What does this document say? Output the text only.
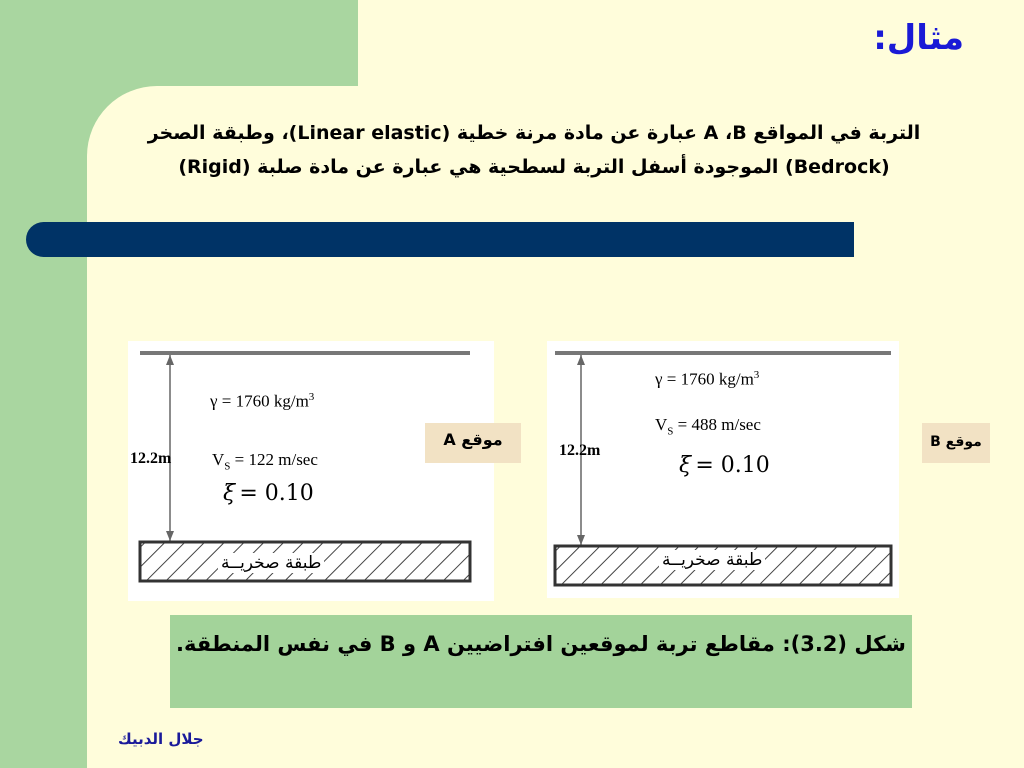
مثال:
التربة في المواقع A ،B عبارة عن مادة مرنة خطية (Linear elastic)، وطبقة الصخر (Bedrock) الموجودة أسفل التربة لسطحية هي عبارة عن مادة صلبة (Rigid)
γ = 1760 $kg/m^3$
12.2m $V_S = 122$ m/sec
ξ = 0.10
طبقة صخريــة
موقع A
γ = 1760 $kg/m^3$
$V_S = 488$ m/sec
12.2m
ξ = 0.10
طبقة صخريــة
موقع B
شكل (3.2): مقاطع تربة لموقعين افتراضيين A و B في نفس المنطقة.
جلال الدبيك
